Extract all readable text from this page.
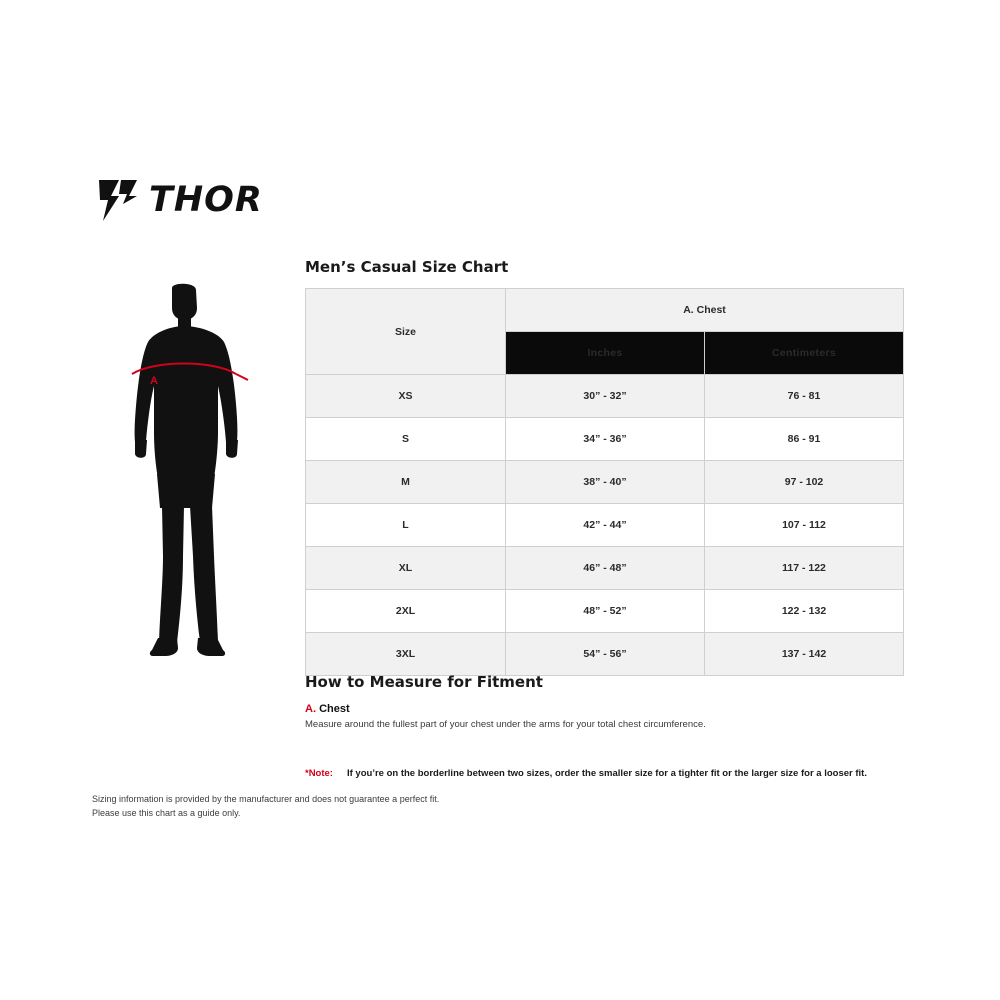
THOR
A
Men’s Casual Size Chart
Size	A. Chest	
	Inches	Centimeters
XS	30” - 32”	76 - 81
S	34” - 36”	86 - 91
M	38” - 40”	97 - 102
L	42” - 44”	107 - 112
XL	46” - 48”	117 - 122
2XL	48” - 52”	122 - 132
3XL	54” - 56”	137 - 142
How to Measure for Fitment
A. Chest
Measure around the fullest part of your chest under the arms for your total chest circumference.
*Note: If you’re on the borderline between two sizes, order the smaller size for a tighter fit or the larger size for a looser fit.
Sizing information is provided by the manufacturer and does not guarantee a perfect fit.
Please use this chart as a guide only.
